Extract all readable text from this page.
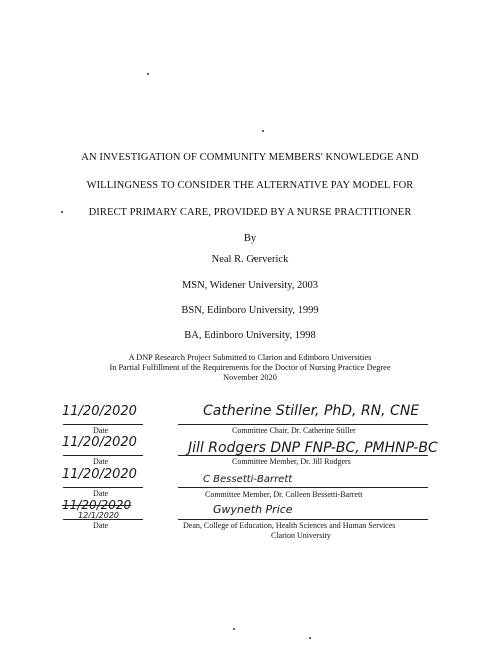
AN INVESTIGATION OF COMMUNITY MEMBERS' KNOWLEDGE AND
WILLINGNESS TO CONSIDER THE ALTERNATIVE PAY MODEL FOR
DIRECT PRIMARY CARE, PROVIDED BY A NURSE PRACTITIONER
By
Neal R. Gerverick
MSN, Widener University, 2003
BSN, Edinboro University, 1999
BA, Edinboro University, 1998
A DNP Research Project Submitted to Clarion and Edinboro Universities
In Partial Fulfillment of the Requirements for the Doctor of Nursing Practice Degree
November 2020
11/20/2020
Date
Catherine Stiller, PhD, RN, CNE
Committee Chair, Dr. Catherine Stiller
11/20/2020
Date
Jill Rodgers DNP FNP-BC, PMHNP-BC
Committee Member, Dr. Jill Rodgers
11/20/2020
Date
C Bessetti-Barrett
Committee Member, Dr. Colleen Bessetti-Barrett
11/20/2020
12/1/2020
Date
Gwyneth Price
Dean, College of Education, Health Sciences and Human Services
Clarion University
